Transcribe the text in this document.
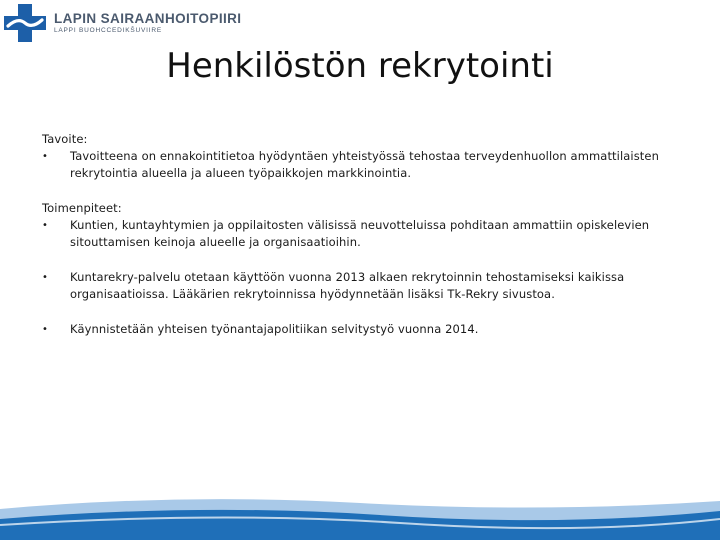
LAPIN SAIRAANHOITOPIIRI
LAPPI BUOHCCEDIKŠUVIIRE
Henkilöstön rekrytointi

Tavoite:

•	Tavoitteena on ennakointitietoa hyödyntäen yhteistyössä tehostaa terveydenhuollon ammattilaisten rekrytointia alueella ja alueen työpaikkojen markkinointia.

Toimenpiteet:

•	Kuntien, kuntayhtymien ja oppilaitosten välisissä neuvotteluissa pohditaan ammattiin opiskelevien sitouttamisen keinoja alueelle ja organisaatioihin.
•	Kuntarekry-palvelu otetaan käyttöön vuonna 2013 alkaen rekrytoinnin tehostamiseksi kaikissa organisaatioissa. Lääkärien rekrytoinnissa hyödynnetään lisäksi Tk-Rekry sivustoa.
•	Käynnistetään yhteisen työnantajapolitiikan selvitystyö vuonna 2014.
